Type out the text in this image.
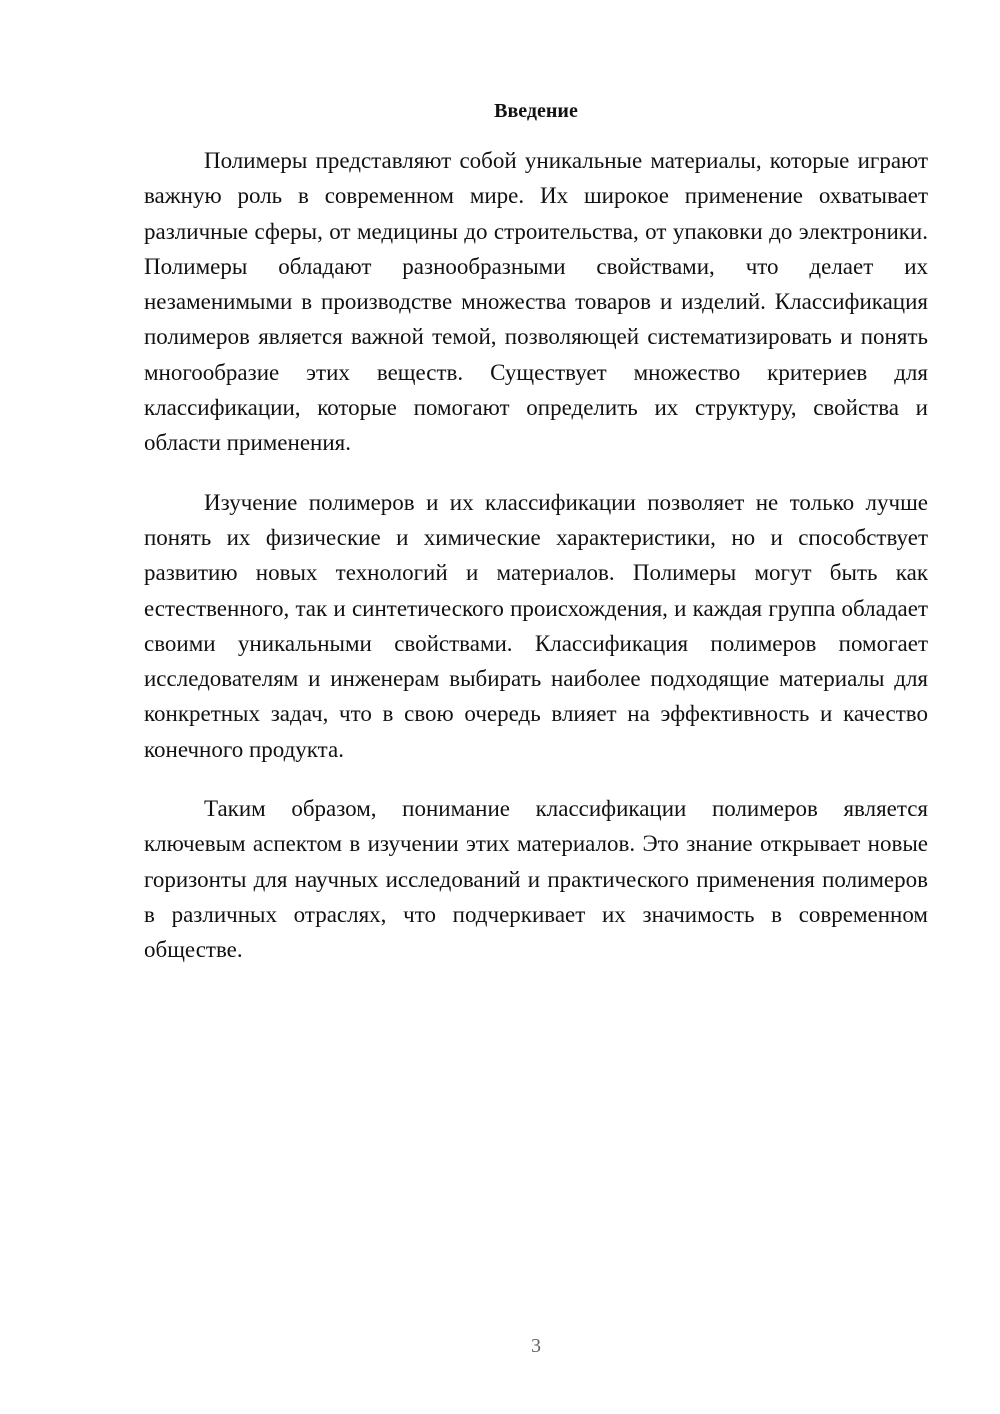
Введение

Полимеры представляют собой уникальные материалы, которые играют важную роль в современном мире. Их широкое применение охватывает различные сферы, от медицины до строительства, от упаковки до электроники. Полимеры обладают разнообразными свойствами, что делает их незаменимыми в производстве множества товаров и изделий. Классификация полимеров является важной темой, позволяющей систематизировать и понять многообразие этих веществ. Существует множество критериев для классификации, которые помогают определить их структуру, свойства и области применения.

Изучение полимеров и их классификации позволяет не только лучше понять их физические и химические характеристики, но и способствует развитию новых технологий и материалов. Полимеры могут быть как естественного, так и синтетического происхождения, и каждая группа обладает своими уникальными свойствами. Классификация полимеров помогает исследователям и инженерам выбирать наиболее подходящие материалы для конкретных задач, что в свою очередь влияет на эффективность и качество конечного продукта.

Таким образом, понимание классификации полимеров является ключевым аспектом в изучении этих материалов. Это знание открывает новые горизонты для научных исследований и практического применения полимеров в различных отраслях, что подчеркивает их значимость в современном обществе.

3
